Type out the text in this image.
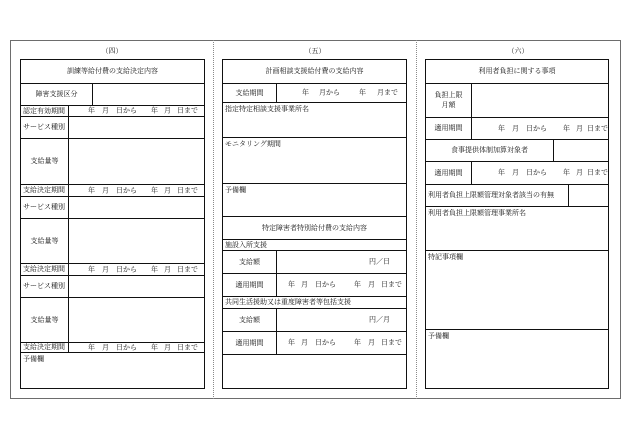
（四）	（五）	（六）
訓練等給付費の支給決定内容
障害支援区分
認定有効期間	年 月 日から 年 月 日まで
サービス種別
支給量等
支給決定期間	年 月 日から 年 月 日まで
サービス種別
支給量等
支給決定期間	年 月 日から 年 月 日まで
サービス種別
支給量等
支給決定期間	年 月 日から 年 月 日まで
予備欄
計画相談支援給付費の支給内容
支給期間	年 月から	年 月まで
指定特定相談支援事業所名
モニタリング期間
予備欄
特定障害者特別給付費の支給内容
施設入所支援
支給額	円／日
適用期間	年 月 日から	年 月 日まで
共同生活援助又は重度障害者等包括支援
支給額	円／月
適用期間	年 月 日から	年 月 日まで
利用者負担に関する事項
負担上限
月額
適用期間	年 月 日から 年 月 日まで
食事提供体制加算対象者
適用期間	年 月 日から 年 月 日まで
利用者負担上限額管理対象者該当の有無
利用者負担上限額管理事業所名
特記事項欄
予備欄
